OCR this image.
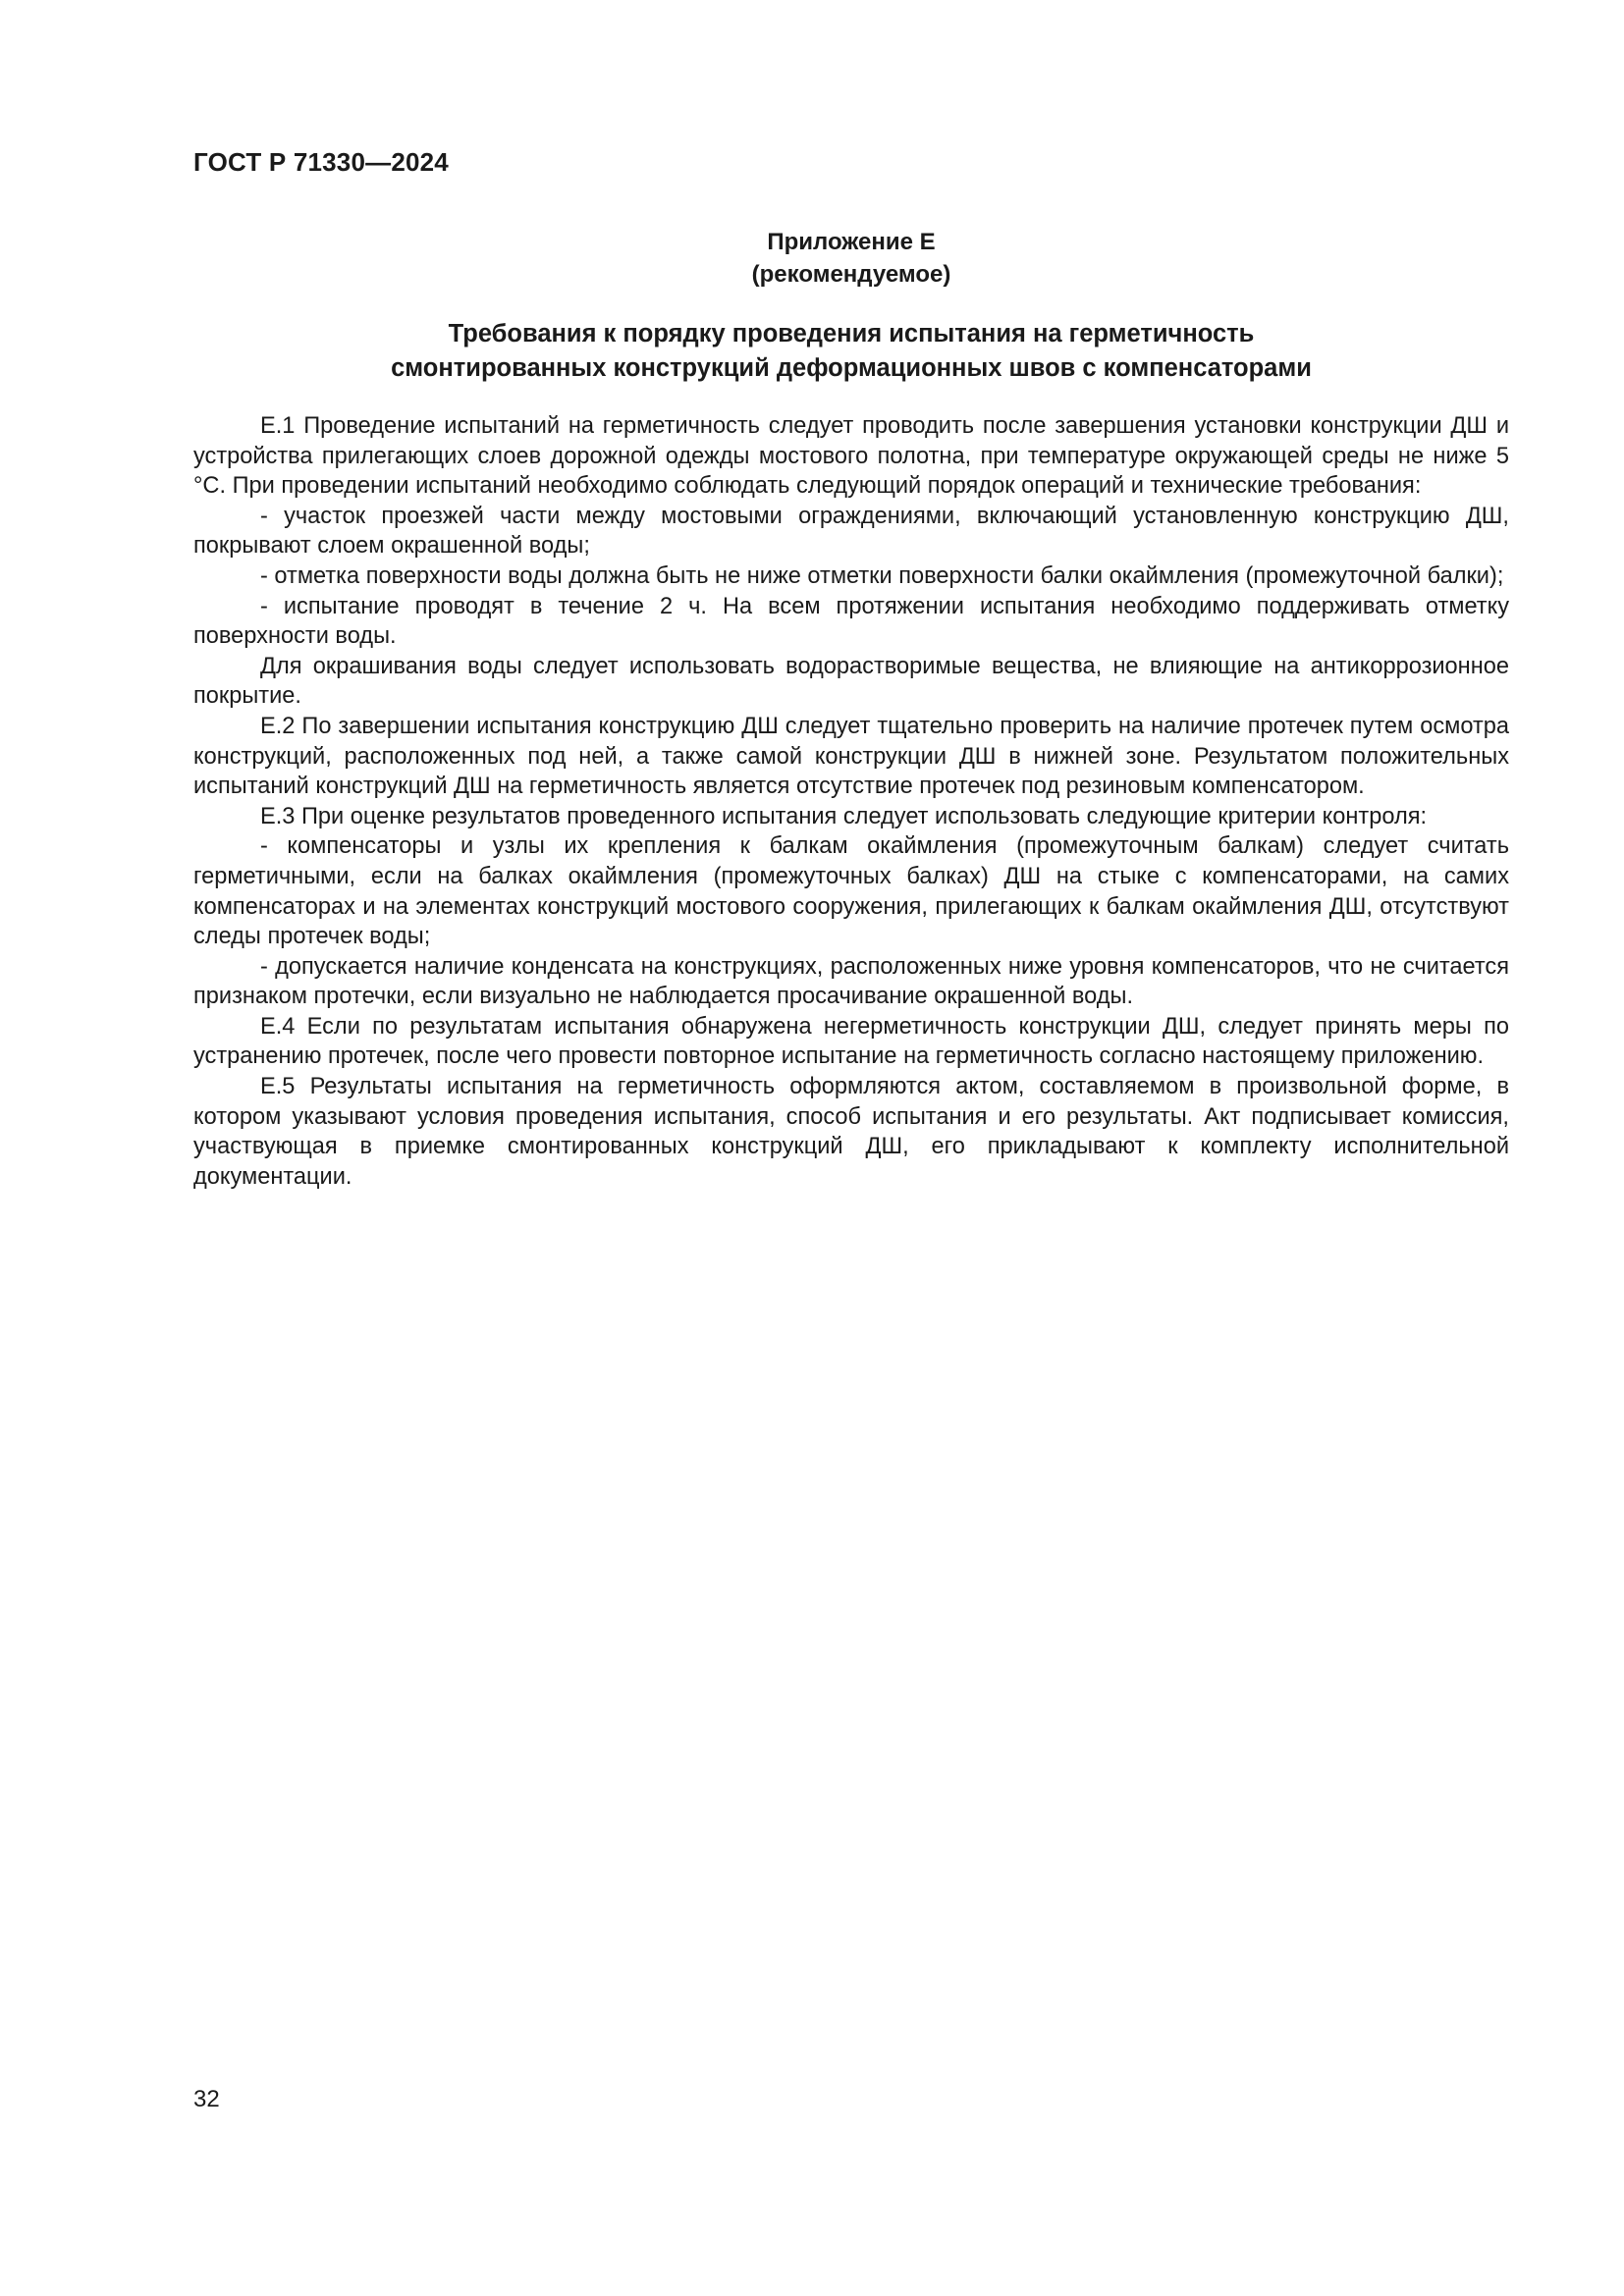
ГОСТ Р 71330—2024
Приложение Е
(рекомендуемое)
Требования к порядку проведения испытания на герметичность
смонтированных конструкций деформационных швов с компенсаторами

Е.1 Проведение испытаний на герметичность следует проводить после завершения установки конструкции ДШ и устройства прилегающих слоев дорожной одежды мостового полотна, при температуре окружающей среды не ниже 5 °С. При проведении испытаний необходимо соблюдать следующий порядок операций и технические требования:

- участок проезжей части между мостовыми ограждениями, включающий установленную конструкцию ДШ, покрывают слоем окрашенной воды;

- отметка поверхности воды должна быть не ниже отметки поверхности балки окаймления (промежуточной балки);

- испытание проводят в течение 2 ч. На всем протяжении испытания необходимо поддерживать отметку поверхности воды.

Для окрашивания воды следует использовать водорастворимые вещества, не влияющие на антикоррозионное покрытие.

Е.2 По завершении испытания конструкцию ДШ следует тщательно проверить на наличие протечек путем осмотра конструкций, расположенных под ней, а также самой конструкции ДШ в нижней зоне. Результатом положительных испытаний конструкций ДШ на герметичность является отсутствие протечек под резиновым компенсатором.

Е.3 При оценке результатов проведенного испытания следует использовать следующие критерии контроля:

- компенсаторы и узлы их крепления к балкам окаймления (промежуточным балкам) следует считать герметичными, если на балках окаймления (промежуточных балках) ДШ на стыке с компенсаторами, на самих компенсаторах и на элементах конструкций мостового сооружения, прилегающих к балкам окаймления ДШ, отсутствуют следы протечек воды;

- допускается наличие конденсата на конструкциях, расположенных ниже уровня компенсаторов, что не считается признаком протечки, если визуально не наблюдается просачивание окрашенной воды.

Е.4 Если по результатам испытания обнаружена негерметичность конструкции ДШ, следует принять меры по устранению протечек, после чего провести повторное испытание на герметичность согласно настоящему приложению.

Е.5 Результаты испытания на герметичность оформляются актом, составляемом в произвольной форме, в котором указывают условия проведения испытания, способ испытания и его результаты. Акт подписывает комиссия, участвующая в приемке смонтированных конструкций ДШ, его прикладывают к комплекту исполнительной документации.

32
